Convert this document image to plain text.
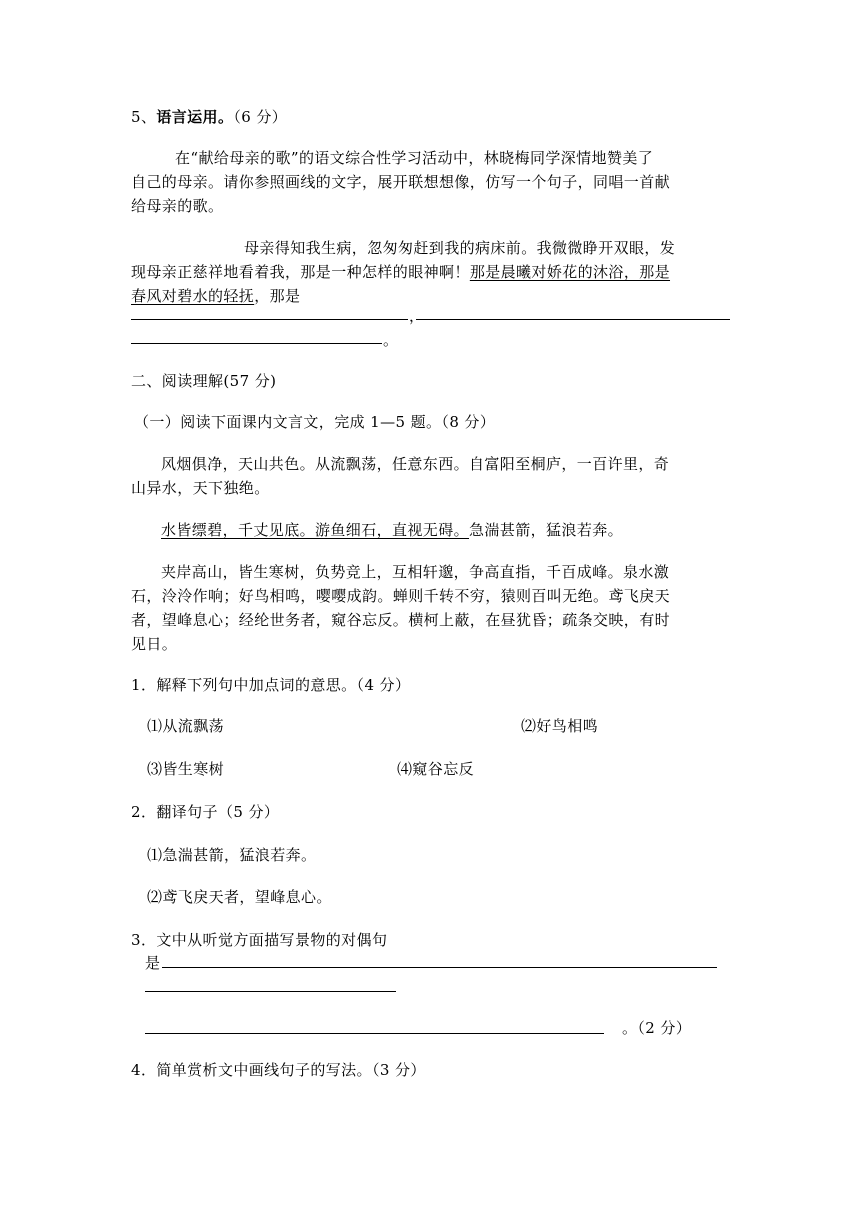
5、语言运用。（6 分）
在“献给母亲的歌”的语文综合性学习活动中，林晓梅同学深情地赞美了
自己的母亲。请你参照画线的文字，展开联想想像，仿写一个句子，同唱一首献
给母亲的歌。
母亲得知我生病，忽匆匆赶到我的病床前。我微微睁开双眼，发
现母亲正慈祥地看着我，那是一种怎样的眼神啊！那是晨曦对娇花的沐浴，那是
春风对碧水的轻抚，那是
，
。
二、阅读理解(57 分)
（一）阅读下面课内文言文，完成 1—5 题。（8 分）
风烟俱净，天山共色。从流飘荡，任意东西。自富阳至桐庐，一百许里，奇
山异水，天下独绝。
水皆缥碧，千丈见底。游鱼细石，直视无碍。急湍甚箭，猛浪若奔。
夹岸高山，皆生寒树，负势竞上，互相轩邈，争高直指，千百成峰。泉水激
石，泠泠作响；好鸟相鸣，嘤嘤成韵。蝉则千转不穷，猿则百叫无绝。鸢飞戾天
者，望峰息心；经纶世务者，窥谷忘反。横柯上蔽，在昼犹昏；疏条交映，有时
见日。
1．解释下列句中加点词的意思。（4 分）
⑴从流飘荡	⑵好鸟相鸣
⑶皆生寒树	⑷窥谷忘反
2．翻译句子（5 分）
⑴急湍甚箭，猛浪若奔。
⑵鸢飞戾天者，望峰息心。
3．文中从听觉方面描写景物的对偶句
是
。（2 分）
4．简单赏析文中画线句子的写法。（3 分）
